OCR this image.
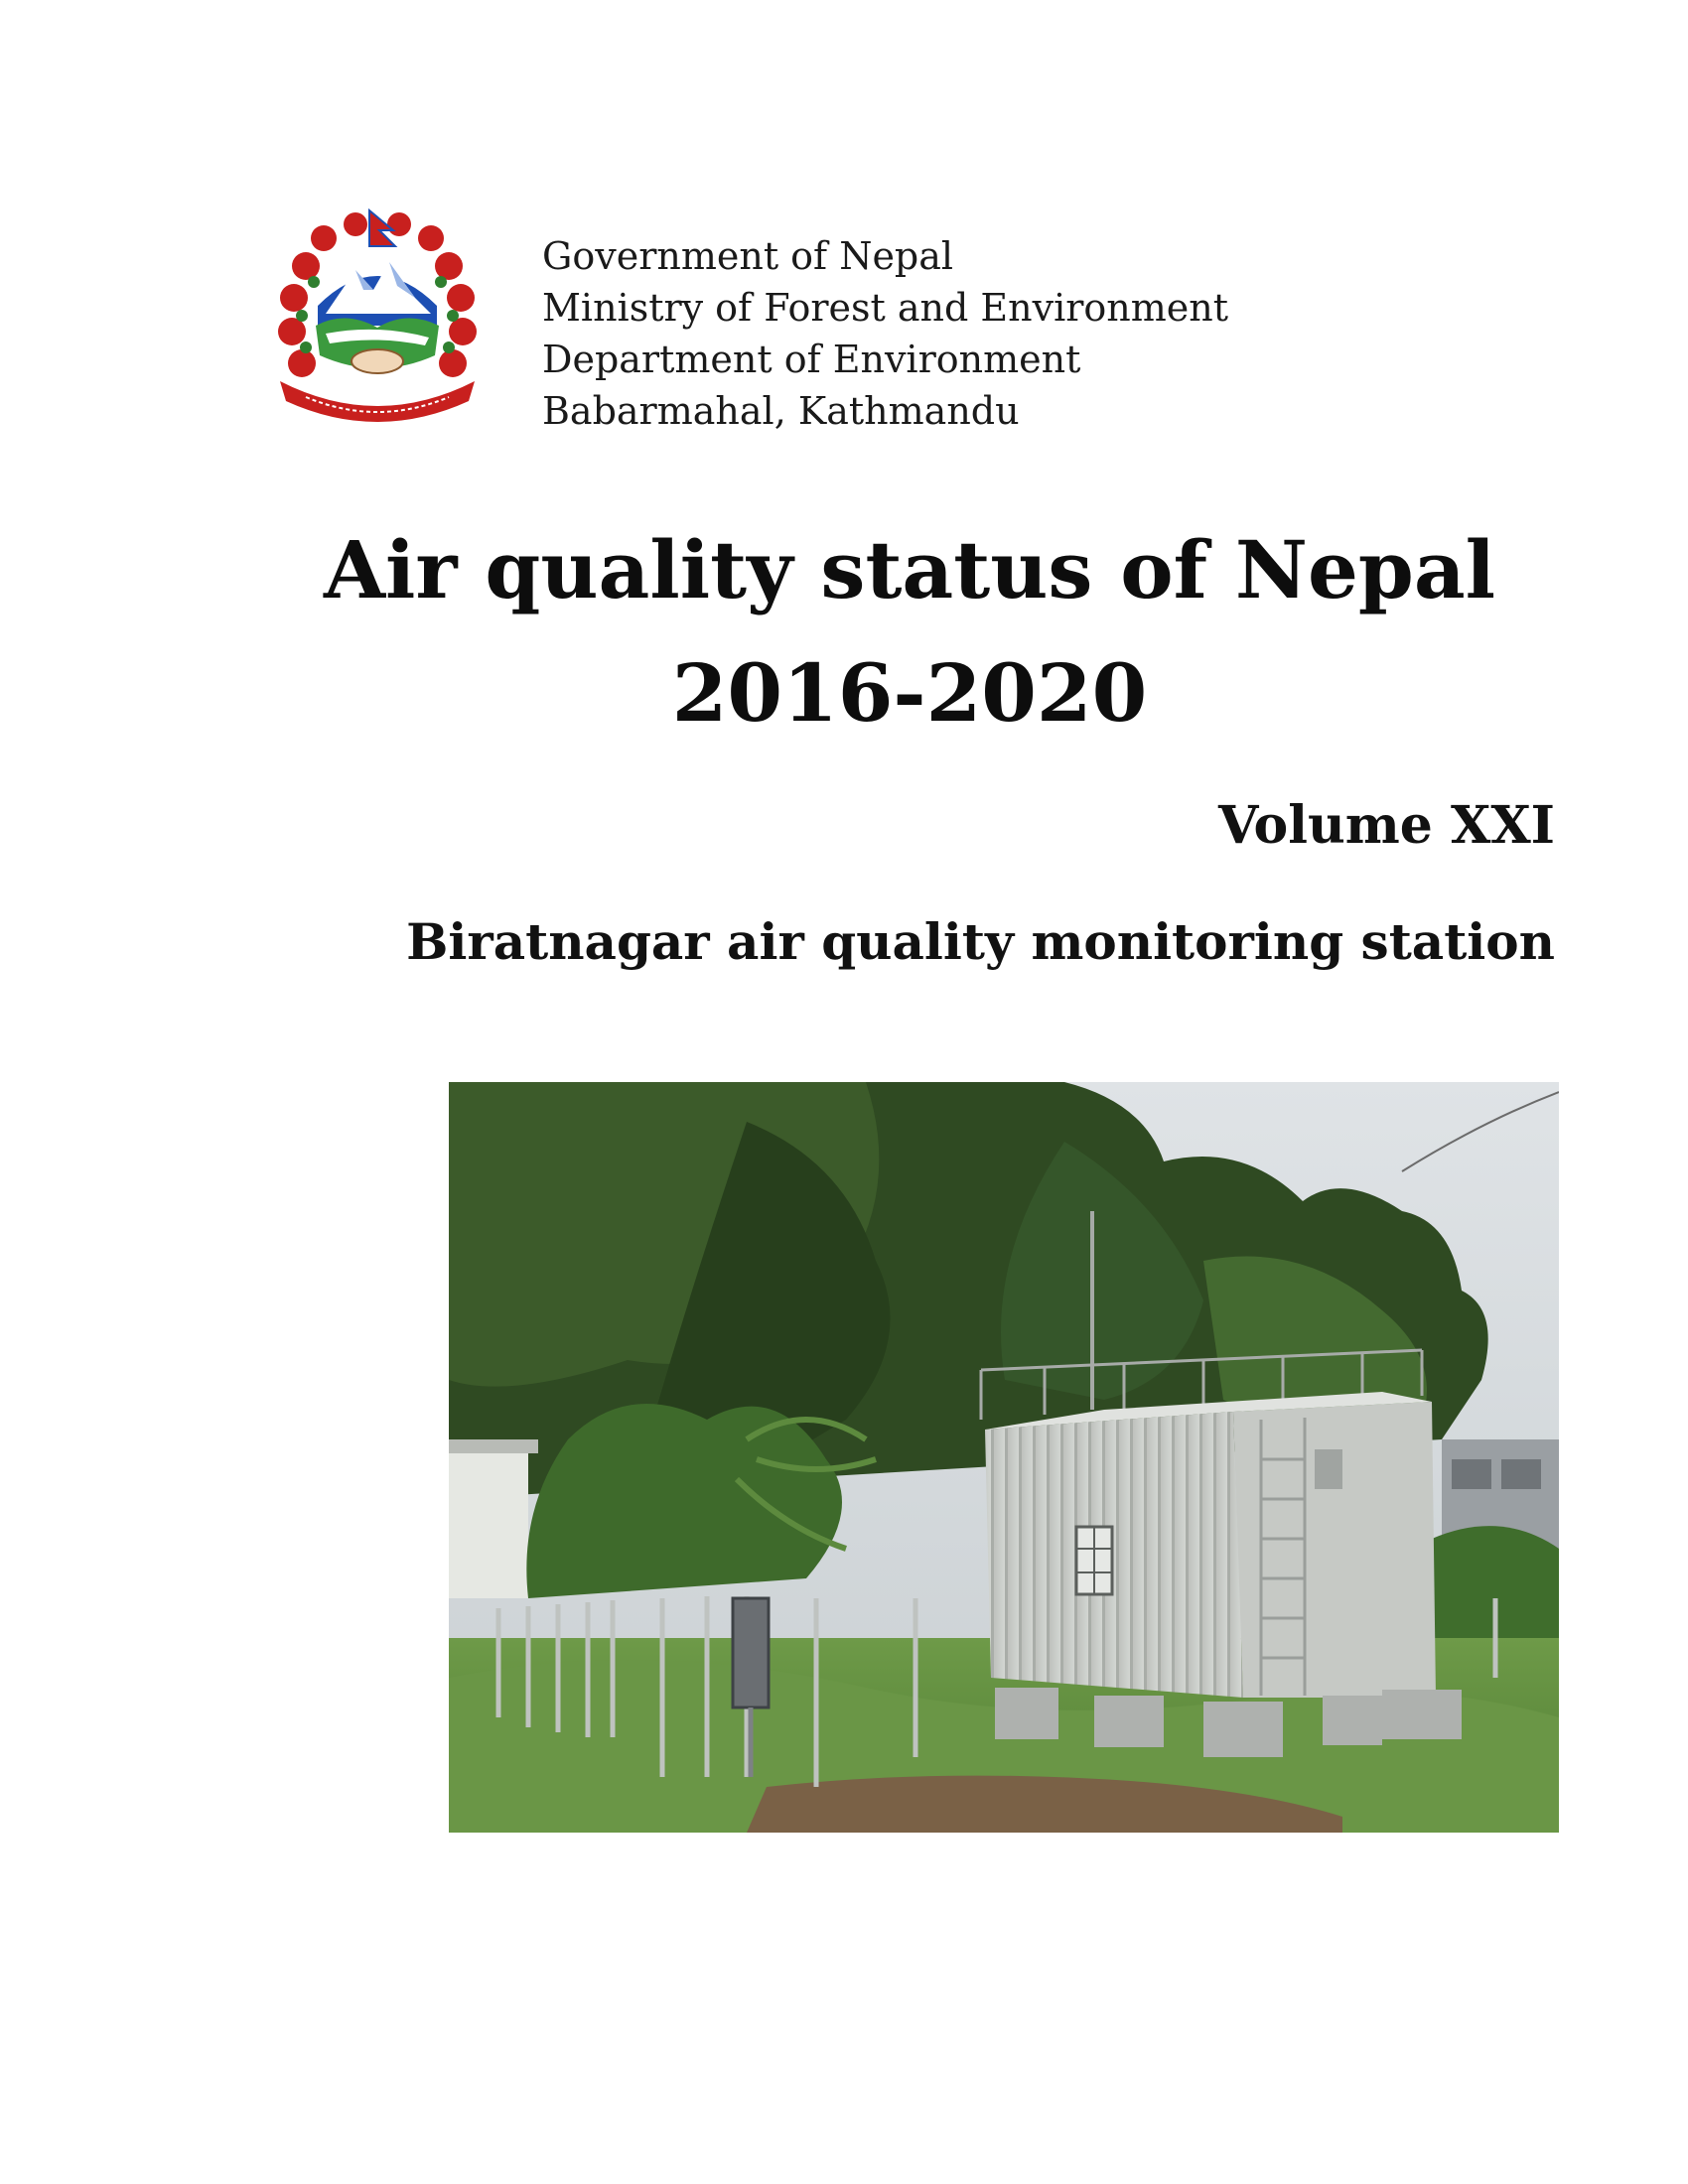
Government of Nepal
Ministry of Forest and Environment
Department of Environment
Babarmahal, Kathmandu
Air quality status of Nepal
2016-2020
Volume XXI
Biratnagar air quality monitoring station
